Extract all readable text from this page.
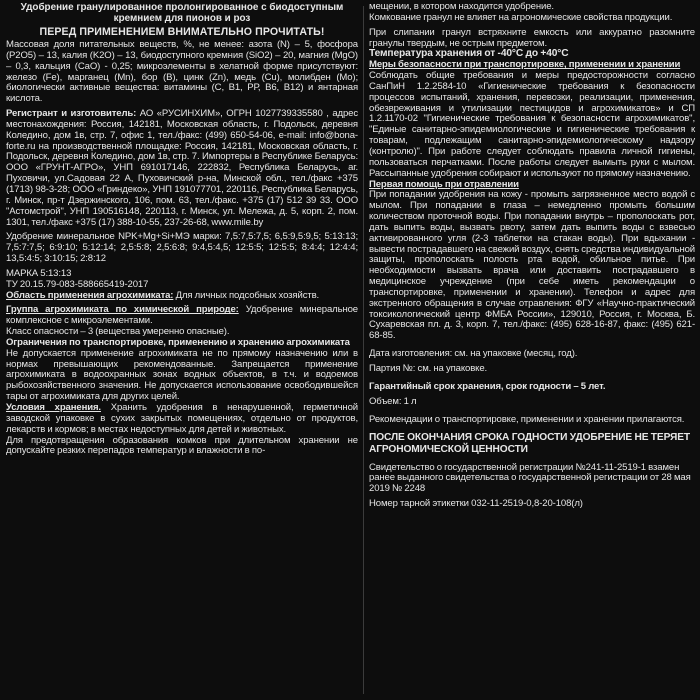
Удобрение гранулированное пролонгированное с биодоступным
кремнием для пионов и роз

ПЕРЕД ПРИМЕНЕНИЕМ ВНИМАТЕЛЬНО ПРОЧИТАТЬ!

Массовая доля питательных веществ, %, не менее: азота (N) – 5, фосфора (P2O5) – 13, калия (K2O) – 13, биодоступного кремния (SiO2) – 20, магния (MgO) – 0,3, кальция (CaO) - 0,25; микроэлементы в хелатной форме присутствуют: железо (Fe), марганец (Mn), бор (B), цинк (Zn), медь (Cu), молибден (Mo); биологически активные вещества: витамины (С, В1, РР, В6, В12) и янтарная кислота.

Регистрант и изготовитель: АО «РУСИНХИМ», ОГРН 1027739335580 , адрес местонахождения: Россия, 142181, Московская область, г. Подольск, деревня Коледино, дом 1в, стр. 7, офис 1, тел./факс: (499) 650-54-06, e-mail: info@bona-forte.ru на производственной площадке: Россия, 142181, Московская область, г. Подольск, деревня Коледино, дом 1в, стр. 7. Импортеры в Республике Беларусь: ООО «ГРУНТ-АГРО», УНП 691017146, 222832, Республика Беларусь, аг. Пуховичи, ул.Садовая 22 А, Пуховичский р-на, Минской обл., тел./факс +375 (1713) 98-3-28; ООО «Гриндеко», УНП 191077701, 220116, Республика Беларусь, г. Минск, пр-т Дзержинского, 106, пом. 63, тел./факс. +375 (17) 512 39 33. ООО "Астомстрой", УНП 190516148, 220113, г. Минск, ул. Мележа, д. 5, корп. 2, пом. 1301, тел./факс +375 (17) 388-10-55, 237-26-68, www.mile.by

Удобрение минеральное NPK+Mg+Si+МЭ марки: 7,5:7,5:7,5; 6,5:9,5:9,5; 5:13:13; 7,5:7:7,5; 6:9:10; 5:12:14; 2,5:5:8; 2,5:6:8; 9:4,5:4,5; 12:5:5; 12:5:5; 8:4:4; 12:4:4; 13,5:4:5; 3:10:15; 2:8:12

МАРКА 5:13:13

ТУ 20.15.79-083-588665419-2017

Область применения агрохимиката: Для личных подсобных хозяйств.

Группа агрохимиката по химической природе: Удобрение минеральное комплексное с микроэлементами.

Класс опасности – 3 (вещества умеренно опасные).

Ограничения по транспортировке, применению и хранению агрохимиката

Не допускается применение агрохимиката не по прямому назначению или в нормах превышающих рекомендованные. Запрещается применение агрохимиката в водоохранных зонах водных объектов, в т.ч. и водоемов рыбохозяйственного значения. Не допускается использование освободившейся тары от агрохимиката для других целей.

Условия хранения. Хранить удобрения в ненарушенной, герметичной заводской упаковке в сухих закрытых помещениях, отдельно от продуктов, лекарств и кормов; в местах недоступных для детей и животных.

Для предотвращения образования комков при длительном хранении не допускайте резких перепадов температур и влажности в по-

мещении, в котором находится удобрение.

Комкование гранул не влияет на агрономические свойства продукции.

При слипании гранул встряхните емкость или аккуратно разомните гранулы твердым, не острым предметом.

Температура хранения от -40°С до +40°С

Меры безопасности при транспортировке, применении и хранении

Соблюдать общие требования и меры предосторожности согласно СанПиН 1.2.2584-10 «Гигиенические требования к безопасности процессов испытаний, хранения, перевозки, реализации, применения, обезвреживания и утилизации пестицидов и агрохимикатов» и СП 1.2.1170-02 "Гигиенические требования к безопасности агрохимикатов", "Единые санитарно-эпидемиологические и гигиенические требования к товарам, подлежащим санитарно-эпидемиологическому надзору (контролю)". При работе следует соблюдать правила личной гигиены, пользоваться перчатками. После работы следует вымыть руки с мылом. Рассыпанные удобрения собирают и используют по прямому назначению.

Первая помощь при отравлении

При попадании удобрения на кожу - промыть загрязненное место водой с мылом. При попадании в глаза – немедленно промыть большим количеством проточной воды. При попадании внутрь – прополоскать рот, дать выпить воды, вызвать рвоту, затем дать выпить воды с взвесью активированного угля (2-3 таблетки на стакан воды). При вдыхании - вывести пострадавшего на свежий воздух, снять средства индивидуальной защиты, прополоскать полость рта водой, обильное питье. При необходимости вызвать врача или доставить пострадавшего в медицинское учреждение (при себе иметь рекомендации о транспортировке, применении и хранении). Телефон и адрес для экстренного обращения в случае отравления: ФГУ «Научно-практический токсикологический центр ФМБА России», 129010, Россия, г. Москва, Б. Сухаревская пл. д. 3, корп. 7, тел./факс: (495) 628-16-87, факс: (495) 621-68-85.

Дата изготовления: см. на упаковке (месяц, год).

Партия №: см. на упаковке.

Гарантийный срок хранения, срок годности – 5 лет.

Объем: 1 л

Рекомендации о транспортировке, применении и хранении прилагаются.

ПОСЛЕ ОКОНЧАНИЯ СРОКА ГОДНОСТИ УДОБРЕНИЕ НЕ ТЕРЯЕТ АГРОНОМИЧЕСКОЙ ЦЕННОСТИ

Свидетельство о государственной регистрации №241-11-2519-1 взамен ранее выданного свидетельства о государственной регистрации от 28 мая 2019 № 2248

Номер тарной этикетки 032-11-2519-0,8-20-108(л)
